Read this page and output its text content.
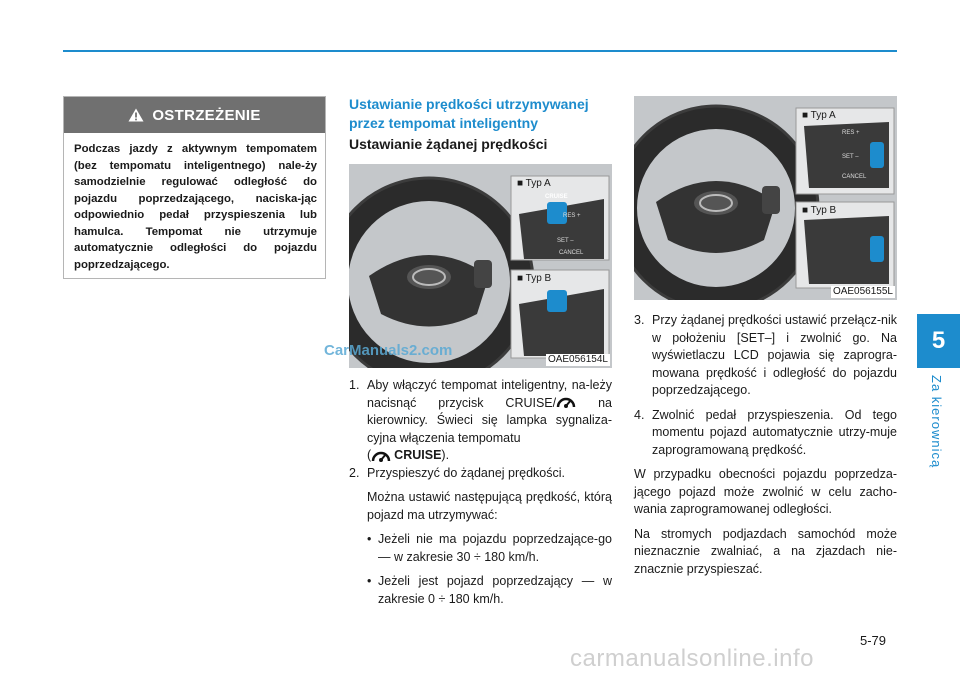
5
Za kierownicą
OSTRZEŻENIE
Podczas jazdy z aktywnym tempomatem (bez tempomatu inteligentnego) nale-ży samodzielnie regulować odległość do pojazdu poprzedzającego, naciska-jąc odpowiednio pedał przyspieszenia lub hamulca. Tempomat nie utrzymuje automatycznie odległości do pojazdu poprzedzającego.
Ustawianie prędkości utrzymywanej przez tempomat inteligentny
Ustawianie żądanej prędkości
■ Typ A
■ Typ B
CRUISE
RES +
SET –
CANCEL
OAE056154L
CarManuals2.com
1. Aby włączyć tempomat inteligentny, na-leży nacisnąć przycisk CRUISE/ na kierownicy. Świeci się lampka sygnaliza-cyjna włączenia tempomatu
( CRUISE ).
2. Przyspieszyć do żądanej prędkości.

Można ustawić następującą prędkość, którą pojazd ma utrzymywać:

• Jeżeli nie ma pojazdu poprzedzające-go — w zakresie 30 ÷ 180 km/h.
• Jeżeli jest pojazd poprzedzający — w zakresie 0 ÷ 180 km/h.
■ Typ A
■ Typ B
RES +
SET –
CANCEL
OAE056155L
3. Przy żądanej prędkości ustawić przełącz-nik w położeniu [SET–] i zwolnić go. Na wyświetlaczu LCD pojawia się zaprogra-mowana prędkość i odległość do pojazdu poprzedzającego.
4. Zwolnić pedał przyspieszenia. Od tego momentu pojazd automatycznie utrzy-muje zaprogramowaną prędkość.

W przypadku obecności pojazdu poprzedza-jącego pojazd może zwolnić w celu zacho-wania zaprogramowanej odległości.

Na stromych podjazdach samochód może nieznacznie zwalniać, a na zjazdach nie-znacznie przyspieszać.

5-79
carmanualsonline.info
